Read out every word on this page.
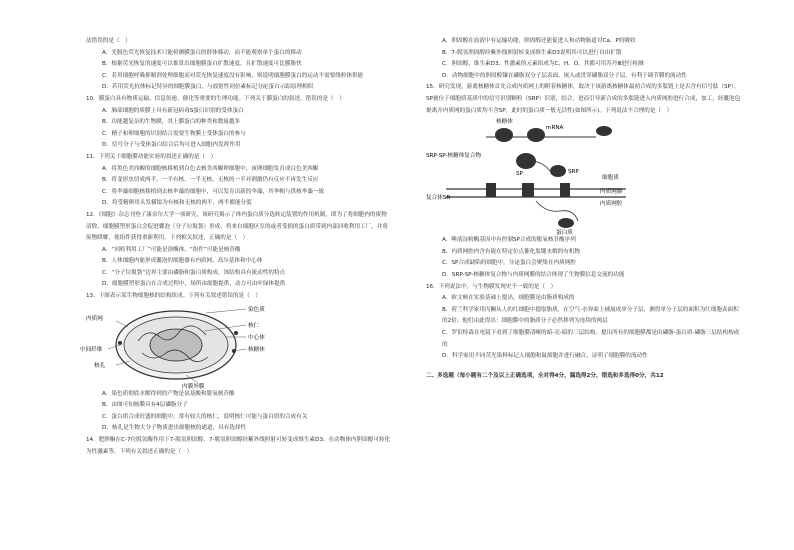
法错误的是（　）
A．光脱色荧光恢复技术只能检测膜蛋白的群体移动，而不能观察单个蛋白的移动
B．根据荧光恢复的速度可以推算出细胞膜蛋白扩散速度，且扩散速度可比膜脂快
C．若用细胞呼吸抑制剂处理细胞而对荧光恢复速度没有影响，则说明细胞膜蛋白的运动不需要线粒体供能
D．若用荧光抗体标记特异的细胞膜蛋白，与放射性同位素标记分泌蛋白示踪原理相似
10．膜蛋白具有物质运输、信息传递、催化等重要的生理功能。下列关于膜蛋白的叙述，错误的是（　）
A．肺部细胞的质膜上具有新冠病毒S蛋白识别的受体蛋白
B．功能越复杂的生物膜，其上膜蛋白的种类和数量越多
C．精子和卵细胞的识别结合需要生物膜上受体蛋白的参与
D．信号分子与受体蛋白结合后均可进入细胞内发挥作用
11．下列关于细胞膜功能实验的叙述正确的是（　）
A．将黑色美西螈的细胞核移植到白色去核美西螈卵细胞中，该卵细胞发育成白色美西螈
B．将变形虫切成两半，一半有核，一半无核，无核的一半对刺激仍有反应不再发生反应
C．将伞藻细胞核移植到去核伞藻的细胞中，可以发育出新的伞藻，其伞帽与供核伞藻一致
D．将受精卵用头发横缢为有核和无核的两半，两半都能分裂
12．《细胞》杂志刊登了康奈尔大学一项研究，该研究揭示了体内蛋白质分选转运装置的作用机制，即为了将细胞内的废物清除，细胞膜塑形蛋白会促进囊泡（分子垃圾袋）形成，将来自细胞区室的或者受损的蛋白质带到内部回收利用工厂，并将废物降解，使组件获得重新利用。下列相关叙述，正确的是（　）
A．“回收利用工厂”可能是溶酶体，“组件”可能是核苷酸
B．人体细胞内能形成囊泡的细胞器有内质网、高尔基体和中心体
C．“分子垃圾袋”边界主要由磷脂和蛋白质构成，该结构具有流动性的特点
D．细胞膜塑形蛋白在合成过程中，场所由细胞提供，动力可由叶绿体提供
13．下图表示某生物细胞核的结构组成。下列有关叙述错误的是（　）
染色质
核仁
中心体
核糖体
内质网
中间纤维
核孔
内膜外膜
A．染色质彻底水解得到的产物是氨基酸和脱氧核苷酸
B．由图可知核膜具有4层磷脂分子
C．蛋白质合成旺盛的细胞中，常有较大的核仁，说明核仁可能与蛋白质的合成有关
D．核孔是生物大分子物质进出细胞核的通道，具有选择性
14．肥胖酮在C-7位脱氢酶作用下7-脱氢胆固醇，7-脱氢胆固醇经紫外线照射可转变成维生素D3，在动物体内胆固醇可转化为性激素等。下列有关叙述正确的是（　）
A．胆固醇在血液中有运输功能，胆固醇还能促进人和动物肠道对Ca、P的吸收
B．7-脱氢胆固醇经紫外线照射转变成维生素D3说明其可以进行自由扩散
C．胆固醇、维生素D3、性激素的元素组成为C、H、O，其都可用苏丹Ⅲ进行检测
D．动物细胞中的胆固醇镶在磷脂双分子层表面、嵌入或贯穿磷脂双分子层，有利于调节膜的流动性
15．研究发现，游离核糖体首先合成内质网上的附着核糖体，取决于该游离核糖体最初合成的多肽链上是否含有信号肽（SP）。SP被位于细胞质基质中的信号识别颗粒（SRP）识别，结合，进而引导新合成的多肽链进入内质网腔进行合成，加工，经囊泡包裹离开内质网的蛋白质均不含SP，此时的蛋白质一般无活性(如图所示)。下列说法不合理的是（　）
核糖体
mRNA
SRP-SP-核糖体复合物
SP	SRP
细胞质
复合体SR
内质网膜
内质网腔
蛋白质
A．唾液淀粉酶基因中有控制SP合成的脱氧核苷酸序列
B．内质网腔内含有能在特定位点催化肽键水解的有机物
C．SP合成缺陷的细胞中，分泌蛋白会聚集在内质网腔
D．SRP-SP-核糖体复合物与内质网膜的结合体现了生物膜信息交流的功能
16．下列说法中，与生物膜发现史不一致的是（　）
A．欧文顿在实验基础上提出，细胞膜是由脂质构成的
B．荷兰科学家用丙酮从人的红细胞中提取脂质，在空气-水界面上铺展成单分子层，测得单分子层的面积为红细胞表面积的2倍。他们由此得出：细胞膜中的脂质分子必然排列为连续的两层
C．罗伯特森在电镜下看到了细胞膜清晰的暗-亮-暗的三层结构，提出所有的细胞膜都是由磷脂-蛋白质-磷脂三层结构构成的
D．科学家用不同荧光染料标记人细胞和鼠细胞并进行融合，证明了细胞膜的流动性
二、多选题（每小题有二个及以上正确选项，全对得4分，漏选得2分，错选和多选得0分，共12
